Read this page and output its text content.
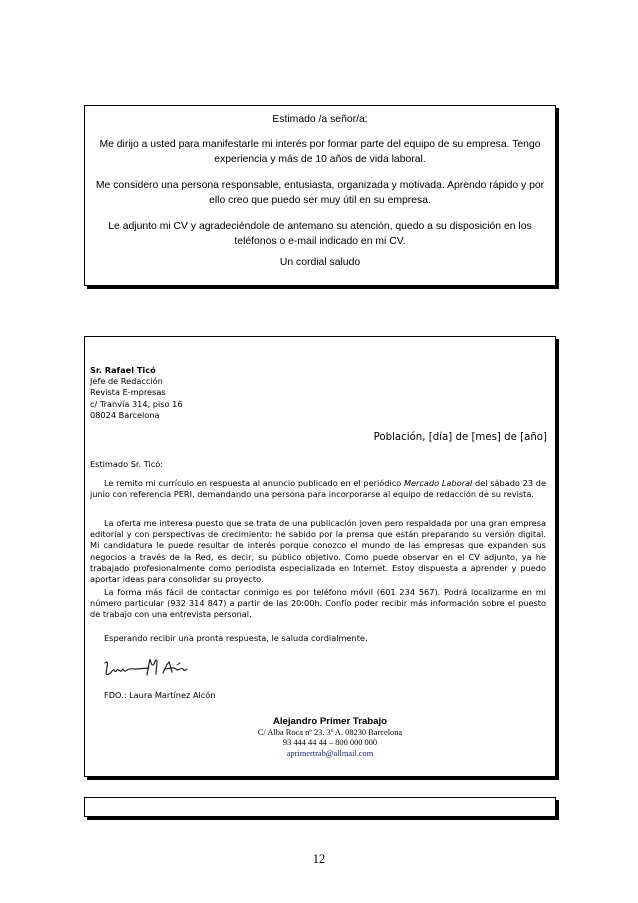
Estimado /a señor/a:

Me dirijo a usted para manifestarle mi interés por formar parte del equipo de su empresa. Tengo experiencia y más de 10 años de vida laboral.

Me considero una persona responsable, entusiasta, organizada y motivada. Aprendo rápido y por ello creo que puedo ser muy útil en su empresa.

Le adjunto mi CV y agradeciéndole de antemano su atención, quedo a su disposición en los teléfonos o e-mail indicado en mi CV.

Un cordial saludo

Sr. Rafael Ticó
Jefe de Redacción
Revista E-mpresas
c/ Tranvía 314, piso 16
08024 Barcelona
Población, [día] de [mes] de [año]
Estimado Sr. Ticó:

Le remito mi currículo en respuesta al anuncio publicado en el periódico Mercado Laboral del sábado 23 de junio con referencia PERI, demandando una persona para incorporarse al equipo de redacción de su revista.

La oferta me interesa puesto que se trata de una publicación joven pero respaldada por una gran empresa editorial y con perspectivas de crecimiento: he sabido por la prensa que están preparando su versión digital. Mi candidatura le puede resultar de interés porque conozco el mundo de las empresas que expanden sus negocios a través de la Red, es decir, su público objetivo. Como puede observar en el CV adjunto, ya he trabajado profesionalmente como periodista especializada en Internet. Estoy dispuesta a aprender y puedo aportar ideas para consolidar su proyecto.

La forma más fácil de contactar conmigo es por teléfono móvil (601 234 567). Podrá localizarme en mi número particular (932 314 847) a partir de las 20:00h. Confío poder recibir más información sobre el puesto de trabajo con una entrevista personal.

Esperando recibir una pronta respuesta, le saluda cordialmente.
FDO.: Laura Martínez Alcón
Alejandro Primer Trabajo
C/ Alba Roca nº 23. 3º A. 08230 Barcelona
93 444 44 44 – 800 000 000
aprimertrab@allmail.com
12
